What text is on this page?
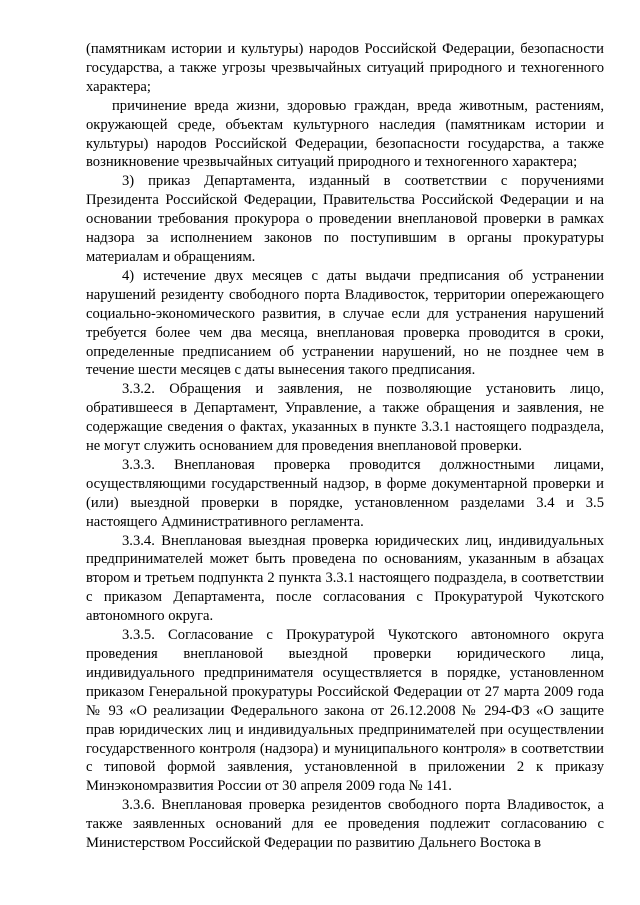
(памятникам истории и культуры) народов Российской Федерации, безопасности государства, а также угрозы чрезвычайных ситуаций природного и техногенного характера;

причинение вреда жизни, здоровью граждан, вреда животным, растениям, окружающей среде, объектам культурного наследия (памятникам истории и культуры) народов Российской Федерации, безопасности государства, а также возникновение чрезвычайных ситуаций природного и техногенного характера;

3) приказ Департамента, изданный в соответствии с поручениями Президента Российской Федерации, Правительства Российской Федерации и на основании требования прокурора о проведении внеплановой проверки в рамках надзора за исполнением законов по поступившим в органы прокуратуры материалам и обращениям.

4) истечение двух месяцев с даты выдачи предписания об устранении нарушений резидентy свободного порта Владивосток, территории опережающего социально-экономического развития, в случае если для устранения нарушений требуется более чем два месяца, внеплановая проверка проводится в сроки, определенные предписанием об устранении нарушений, но не позднее чем в течение шести месяцев с даты вынесения такого предписания.

3.3.2. Обращения и заявления, не позволяющие установить лицо, обратившееся в Департамент, Управление, а также обращения и заявления, не содержащие сведения о фактах, указанных в пункте 3.3.1 настоящего подраздела, не могут служить основанием для проведения внеплановой проверки.

3.3.3. Внеплановая проверка проводится должностными лицами, осуществляющими государственный надзор, в форме документарной проверки и (или) выездной проверки в порядке, установленном разделами 3.4 и 3.5 настоящего Административного регламента.

3.3.4. Внеплановая выездная проверка юридических лиц, индивидуальных предпринимателей может быть проведена по основаниям, указанным в абзацах втором и третьем подпункта 2 пункта 3.3.1 настоящего подраздела, в соответствии с приказом Департамента, после согласования с Прокуратурой Чукотского автономного округа.

3.3.5. Согласование с Прокуратурой Чукотского автономного округа проведения внеплановой выездной проверки юридического лица, индивидуального предпринимателя осуществляется в порядке, установленном приказом Генеральной прокуратуры Российской Федерации от 27 марта 2009 года № 93 «О реализации Федерального закона от 26.12.2008 № 294-ФЗ «О защите прав юридических лиц и индивидуальных предпринимателей при осуществлении государственного контроля (надзора) и муниципального контроля» в соответствии с типовой формой заявления, установленной в приложении 2 к приказу Минэкономразвития России от 30 апреля 2009 года № 141.

3.3.6. Внеплановая проверка резидентов свободного порта Владивосток, а также заявленных оснований для ее проведения подлежит согласованию с Министерством Российской Федерации по развитию Дальнего Востока в
